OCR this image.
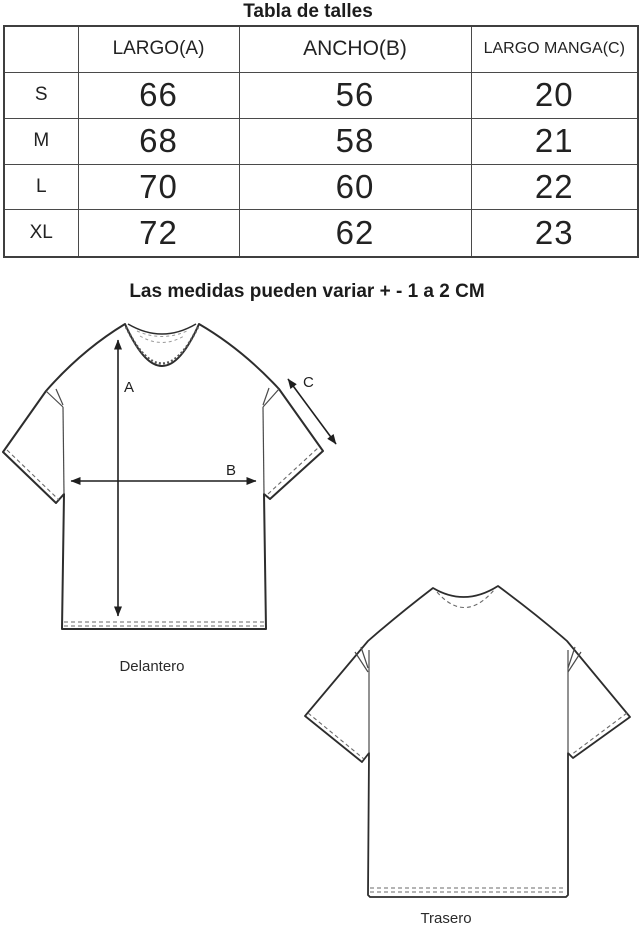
Tabla de talles
	LARGO(A)	ANCHO(B)	LARGO MANGA(C)
S	66	56	20
M	68	58	21
L	70	60	22
XL	72	62	23
Las medidas pueden variar + - 1 a 2 CM
A
B
C
Delantero
Trasero
